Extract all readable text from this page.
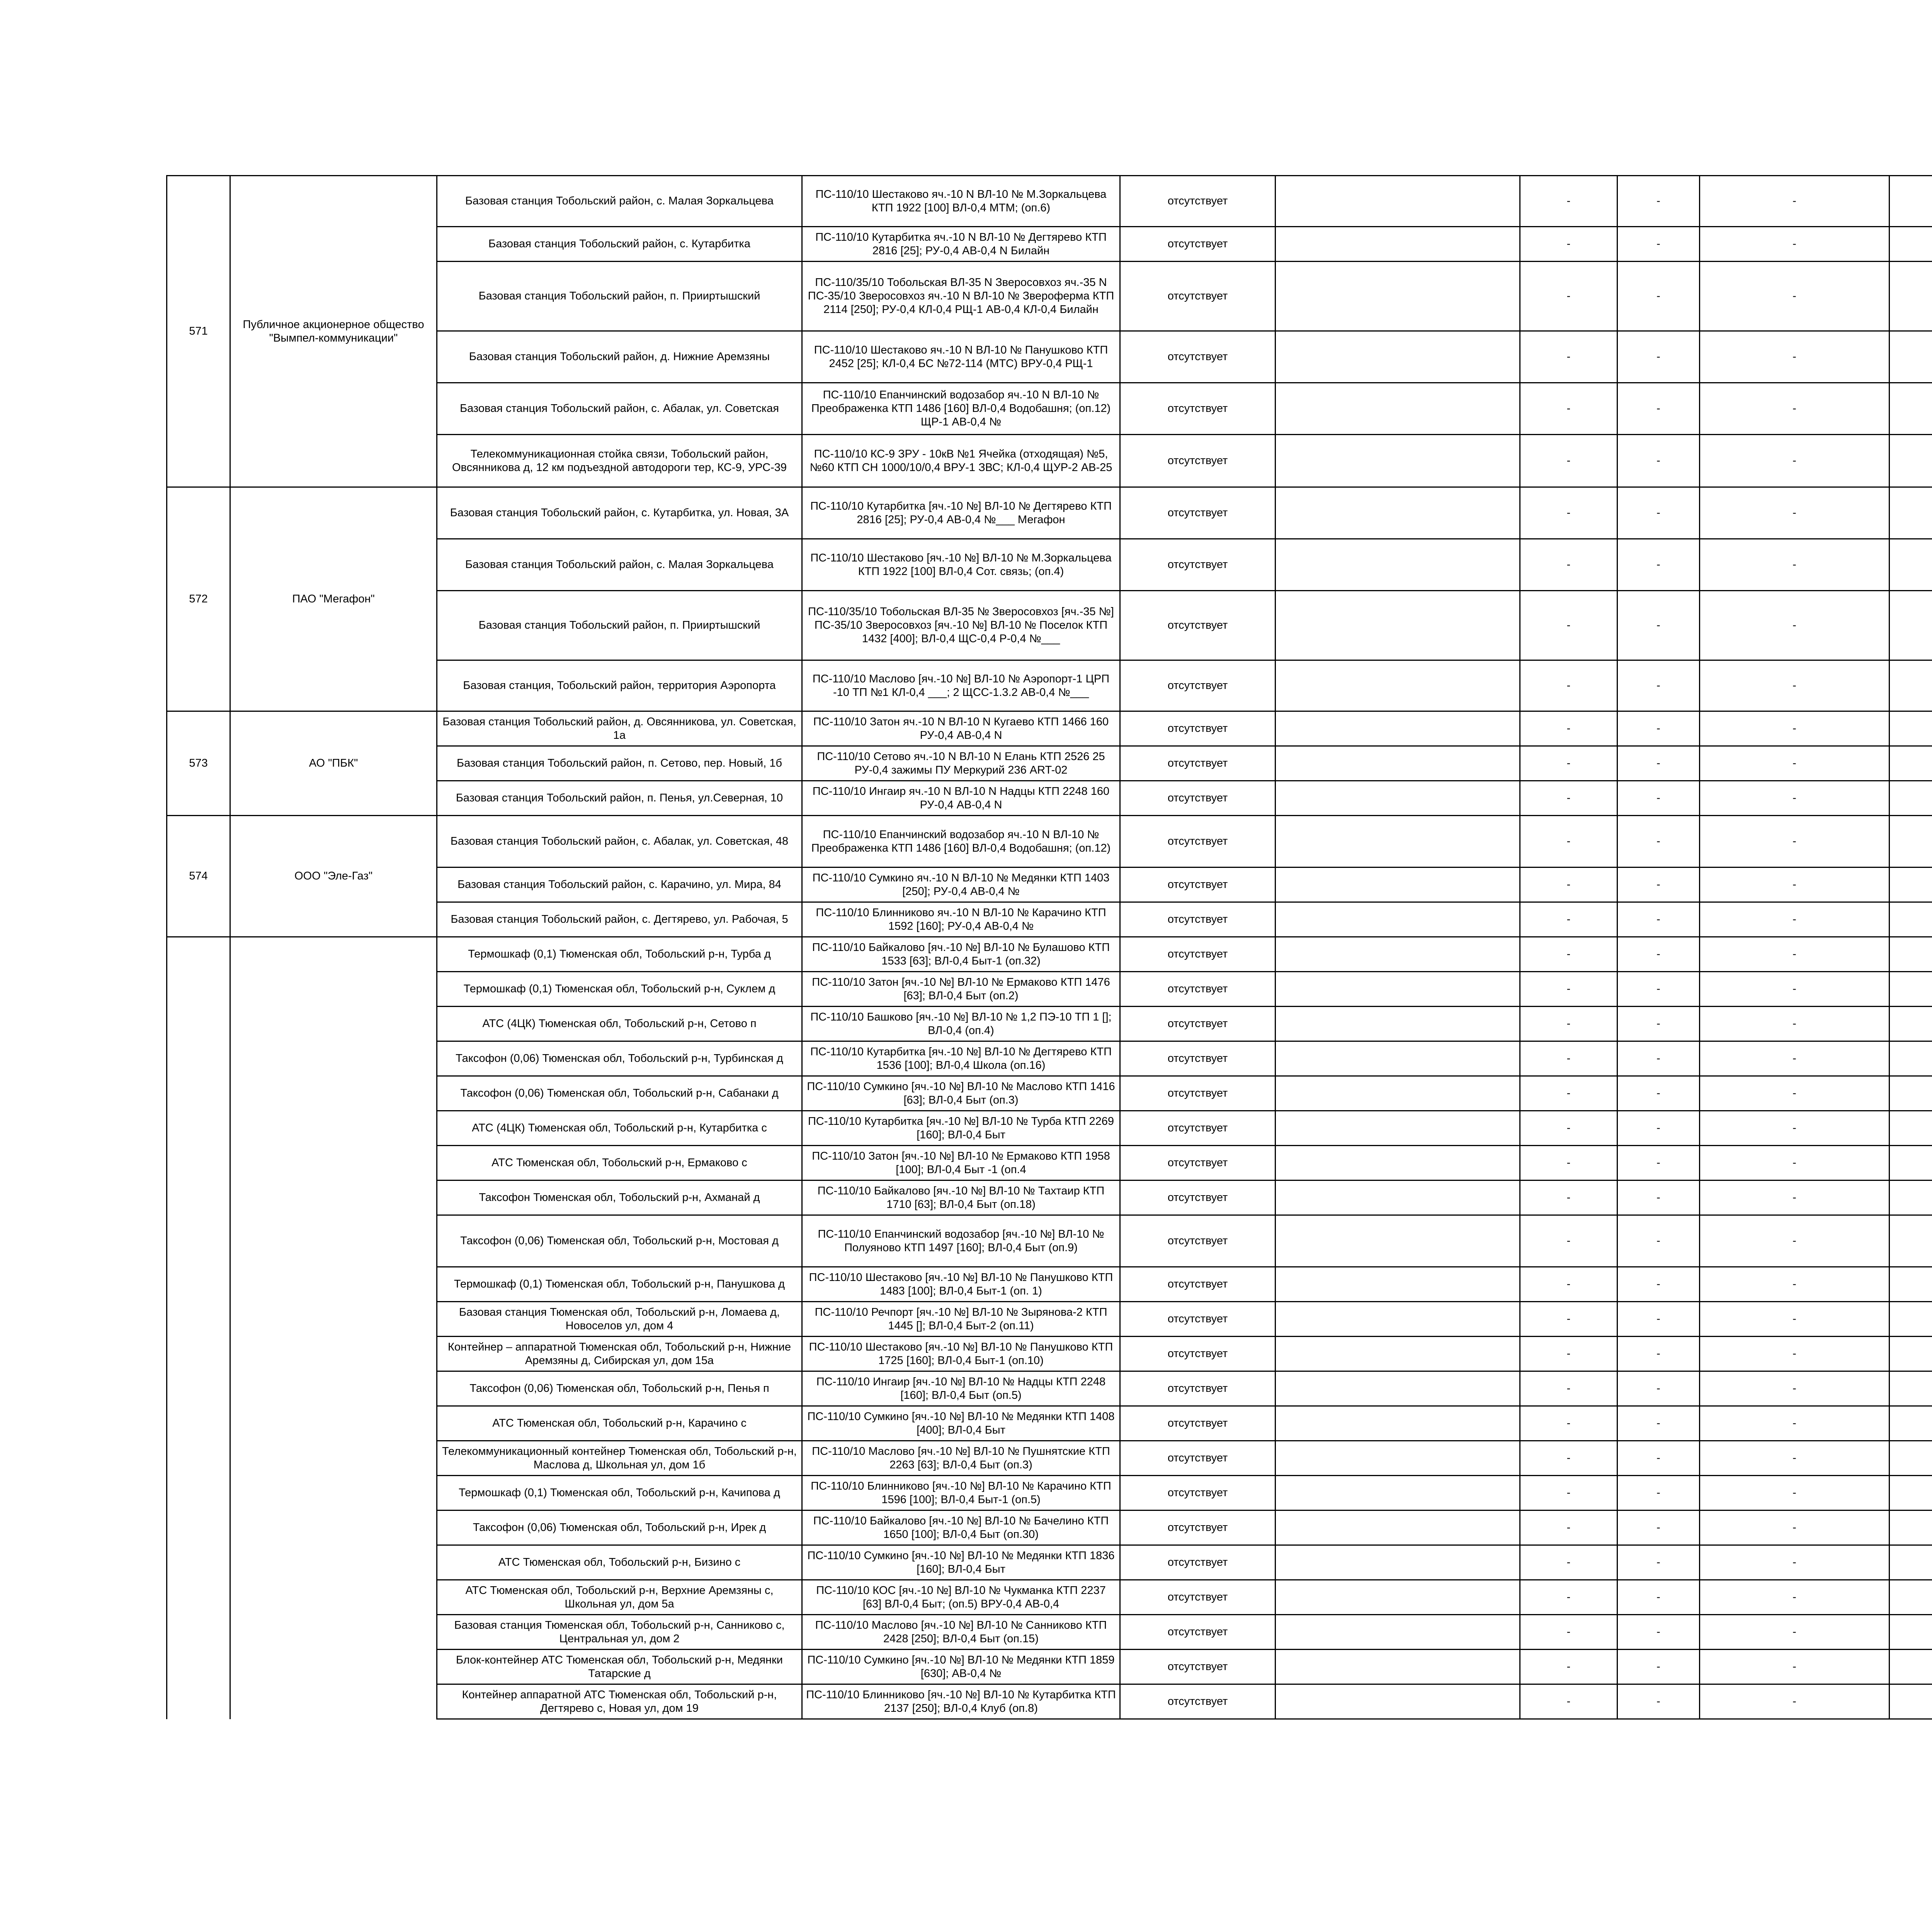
571	Публичное акционерное общество "Вымпел-коммуникации"	Базовая станция Тобольский район, с. Малая Зоркальцева	ПС-110/10 Шестаково яч.-10 N ВЛ-10 № М.Зоркальцева КТП 1922 [100] ВЛ-0,4 МТМ; (оп.6)	отсутствует		-	-	-			
		Базовая станция Тобольский район, с. Кутарбитка	ПС-110/10 Кутарбитка яч.-10 N ВЛ-10 № Дегтярево КТП 2816 [25]; РУ-0,4 АВ-0,4 N Билайн	отсутствует		-	-	-			
		Базовая станция Тобольский район, п. Прииртышский	ПС-110/35/10 Тобольская ВЛ-35 N Зверосовхоз яч.-35 N ПС-35/10 Зверосовхоз яч.-10 N ВЛ-10 № Звероферма КТП 2114 [250]; РУ-0,4 КЛ-0,4 РЩ-1 АВ-0,4 КЛ-0,4 Билайн	отсутствует		-	-	-			
		Базовая станция Тобольский район, д. Нижние Аремзяны	ПС-110/10 Шестаково яч.-10 N ВЛ-10 № Панушково КТП 2452 [25]; КЛ-0,4 БС №72-114 (МТС) ВРУ-0,4 РЩ-1	отсутствует		-	-	-			
		Базовая станция Тобольский район, с. Абалак, ул. Советская	ПС-110/10 Епанчинский водозабор яч.-10 N ВЛ-10 № Преображенка КТП 1486 [160] ВЛ-0,4 Водобашня; (оп.12) ЩР-1 АВ-0,4 №	отсутствует		-	-	-			
		Телекоммуникационная стойка связи, Тобольский район, Овсянникова д, 12 км подъездной автодороги тер, КС-9, УРС-39	ПС-110/10 КС-9 ЗРУ - 10кВ №1 Ячейка (отходящая) №5, №60 КТП СН 1000/10/0,4 ВРУ-1 ЗВС; КЛ-0,4 ЩУР-2 АВ-25	отсутствует		-	-	-			
572	ПАО "Мегафон"	Базовая станция Тобольский район, с. Кутарбитка, ул. Новая, 3А	ПС-110/10 Кутарбитка [яч.-10 №] ВЛ-10 № Дегтярево КТП 2816 [25]; РУ-0,4 АВ-0,4 №___ Мегафон	отсутствует		-	-	-			
		Базовая станция Тобольский район, с. Малая Зоркальцева	ПС-110/10 Шестаково [яч.-10 №] ВЛ-10 № М.Зоркальцева КТП 1922 [100] ВЛ-0,4 Сот. связь; (оп.4)	отсутствует		-	-	-			
		Базовая станция Тобольский район, п. Прииртышский	ПС-110/35/10 Тобольская ВЛ-35 № Зверосовхоз [яч.-35 №] ПС-35/10 Зверосовхоз [яч.-10 №] ВЛ-10 № Поселок КТП 1432 [400]; ВЛ-0,4 ЩС-0,4 Р-0,4 №___	отсутствует		-	-	-			
		Базовая станция, Тобольский район, территория Аэропорта	ПС-110/10 Маслово [яч.-10 №] ВЛ-10 № Аэропорт-1 ЦРП -10 ТП №1 КЛ-0,4 ___; 2 ЩСС-1.3.2 АВ-0,4 №___	отсутствует		-	-	-			
573	АО "ПБК"	Базовая станция Тобольский район, д. Овсянникова, ул. Советская, 1а	ПС-110/10 Затон яч.-10 N ВЛ-10 N Кугаево КТП 1466 160 РУ-0,4 АВ-0,4 N	отсутствует		-	-	-			
		Базовая станция Тобольский район, п. Сетово, пер. Новый, 1б	ПС-110/10 Сетово яч.-10 N ВЛ-10 N Елань КТП 2526 25 РУ-0,4 зажимы ПУ Меркурий 236 ART-02	отсутствует		-	-	-			
		Базовая станция Тобольский район, п. Пенья, ул.Северная, 10	ПС-110/10 Ингаир яч.-10 N ВЛ-10 N Надцы КТП 2248 160 РУ-0,4 АВ-0,4 N	отсутствует		-	-	-			
574	ООО "Эле-Газ"	Базовая станция Тобольский район, с. Абалак, ул. Советская, 48	ПС-110/10 Епанчинский водозабор яч.-10 N ВЛ-10 № Преображенка КТП 1486 [160] ВЛ-0,4 Водобашня; (оп.12)	отсутствует		-	-	-			
		Базовая станция Тобольский район, с. Карачино, ул. Мира, 84	ПС-110/10 Сумкино яч.-10 N ВЛ-10 № Медянки КТП 1403 [250]; РУ-0,4 АВ-0,4 №	отсутствует		-	-	-			
		Базовая станция Тобольский район, с. Дегтярево, ул. Рабочая, 5	ПС-110/10 Блинниково яч.-10 N ВЛ-10 № Карачино КТП 1592 [160]; РУ-0,4 АВ-0,4 №	отсутствует		-	-	-			
		Термошкаф (0,1) Тюменская обл, Тобольский р-н, Турба д	ПС-110/10 Байкалово [яч.-10 №] ВЛ-10 № Булашово КТП 1533 [63]; ВЛ-0,4 Быт-1 (оп.32)	отсутствует		-	-	-			
		Термошкаф (0,1) Тюменская обл, Тобольский р-н, Суклем д	ПС-110/10 Затон [яч.-10 №] ВЛ-10 № Ермаково КТП 1476 [63]; ВЛ-0,4 Быт (оп.2)	отсутствует		-	-	-			
		АТС (4ЦК) Тюменская обл, Тобольский р-н, Сетово п	ПС-110/10 Башково [яч.-10 №] ВЛ-10 № 1,2 ПЭ-10 ТП 1 []; ВЛ-0,4 (оп.4)	отсутствует		-	-	-			
		Таксофон (0,06) Тюменская обл, Тобольский р-н, Турбинская д	ПС-110/10 Кутарбитка [яч.-10 №] ВЛ-10 № Дегтярево КТП 1536 [100]; ВЛ-0,4 Школа (оп.16)	отсутствует		-	-	-			
		Таксофон (0,06) Тюменская обл, Тобольский р-н, Сабанаки д	ПС-110/10 Сумкино [яч.-10 №] ВЛ-10 № Маслово КТП 1416 [63]; ВЛ-0,4 Быт (оп.3)	отсутствует		-	-	-			
		АТС (4ЦК) Тюменская обл, Тобольский р-н, Кутарбитка с	ПС-110/10 Кутарбитка [яч.-10 №] ВЛ-10 № Турба КТП 2269 [160]; ВЛ-0,4 Быт	отсутствует		-	-	-			
		АТС Тюменская обл, Тобольский р-н, Ермаково с	ПС-110/10 Затон [яч.-10 №] ВЛ-10 № Ермаково КТП 1958 [100]; ВЛ-0,4 Быт -1 (оп.4	отсутствует		-	-	-			
		Таксофон Тюменская обл, Тобольский р-н, Ахманай д	ПС-110/10 Байкалово [яч.-10 №] ВЛ-10 № Тахтаир КТП 1710 [63]; ВЛ-0,4 Быт (оп.18)	отсутствует		-	-	-			
		Таксофон (0,06) Тюменская обл, Тобольский р-н, Мостовая д	ПС-110/10 Епанчинский водозабор [яч.-10 №] ВЛ-10 № Полуяново КТП 1497 [160]; ВЛ-0,4 Быт (оп.9)	отсутствует		-	-	-			
		Термошкаф (0,1) Тюменская обл, Тобольский р-н, Панушкова д	ПС-110/10 Шестаково [яч.-10 №] ВЛ-10 № Панушково КТП 1483 [100]; ВЛ-0,4 Быт-1 (оп. 1)	отсутствует		-	-	-			
		Базовая станция Тюменская обл, Тобольский р-н, Ломаева д, Новоселов ул, дом 4	ПС-110/10 Речпорт [яч.-10 №] ВЛ-10 № Зырянова-2 КТП 1445 []; ВЛ-0,4 Быт-2 (оп.11)	отсутствует		-	-	-			
		Контейнер – аппаратной Тюменская обл, Тобольский р-н, Нижние Аремзяны д, Сибирская ул, дом 15а	ПС-110/10 Шестаково [яч.-10 №] ВЛ-10 № Панушково КТП 1725 [160]; ВЛ-0,4 Быт-1 (оп.10)	отсутствует		-	-	-			
		Таксофон (0,06) Тюменская обл, Тобольский р-н, Пенья п	ПС-110/10 Ингаир [яч.-10 №] ВЛ-10 № Надцы КТП 2248 [160]; ВЛ-0,4 Быт (оп.5)	отсутствует		-	-	-			
		АТС Тюменская обл, Тобольский р-н, Карачино с	ПС-110/10 Сумкино [яч.-10 №] ВЛ-10 № Медянки КТП 1408 [400]; ВЛ-0,4 Быт	отсутствует		-	-	-			
		Телекоммуникационный контейнер Тюменская обл, Тобольский р-н, Маслова д, Школьная ул, дом 1б	ПС-110/10 Маслово [яч.-10 №] ВЛ-10 № Пушнятские КТП 2263 [63]; ВЛ-0,4 Быт (оп.3)	отсутствует		-	-	-			
		Термошкаф (0,1) Тюменская обл, Тобольский р-н, Качипова д	ПС-110/10 Блинниково [яч.-10 №] ВЛ-10 № Карачино КТП 1596 [100]; ВЛ-0,4 Быт-1 (оп.5)	отсутствует		-	-	-			
		Таксофон (0,06) Тюменская обл, Тобольский р-н, Ирек д	ПС-110/10 Байкалово [яч.-10 №] ВЛ-10 № Бачелино КТП 1650 [100]; ВЛ-0,4 Быт (оп.30)	отсутствует		-	-	-			
		АТС Тюменская обл, Тобольский р-н, Бизино с	ПС-110/10 Сумкино [яч.-10 №] ВЛ-10 № Медянки КТП 1836 [160]; ВЛ-0,4 Быт	отсутствует		-	-	-			
		АТС Тюменская обл, Тобольский р-н, Верхние Аремзяны с, Школьная ул, дом 5а	ПС-110/10 КОС [яч.-10 №] ВЛ-10 № Чукманка КТП 2237 [63] ВЛ-0,4 Быт; (оп.5) ВРУ-0,4 АВ-0,4	отсутствует		-	-	-			
		Базовая станция Тюменская обл, Тобольский р-н, Санниково с, Центральная ул, дом 2	ПС-110/10 Маслово [яч.-10 №] ВЛ-10 № Санниково КТП 2428 [250]; ВЛ-0,4 Быт (оп.15)	отсутствует		-	-	-			
		Блок-контейнер АТС Тюменская обл, Тобольский р-н, Медянки Татарские д	ПС-110/10 Сумкино [яч.-10 №] ВЛ-10 № Медянки КТП 1859 [630]; АВ-0,4 №	отсутствует		-	-	-			
		Контейнер аппаратной АТС Тюменская обл, Тобольский р-н, Дегтярево с, Новая ул, дом 19	ПС-110/10 Блинниково [яч.-10 №] ВЛ-10 № Кутарбитка КТП 2137 [250]; ВЛ-0,4 Клуб (оп.8)	отсутствует		-	-	-			
